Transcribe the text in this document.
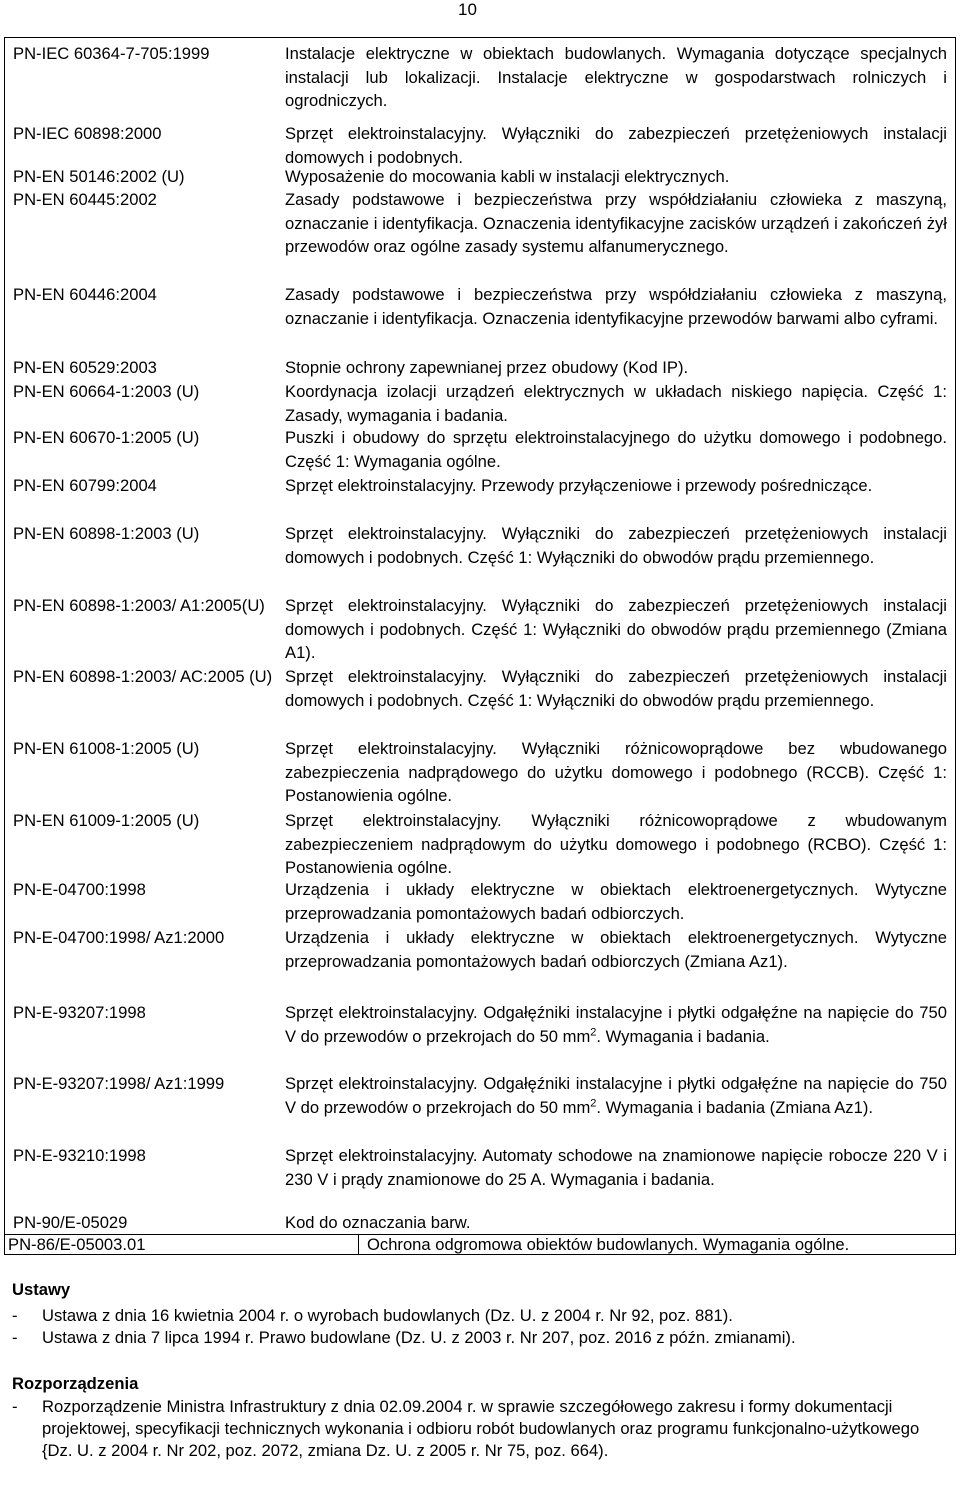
10
PN-IEC 60364-7-705:1999	Instalacje elektryczne w obiektach budowlanych. Wymagania dotyczące specjalnych instalacji lub lokalizacji. Instalacje elektryczne w gospodarstwach rolniczych i ogrodniczych.
PN-IEC 60898:2000	Sprzęt elektroinstalacyjny. Wyłączniki do zabezpieczeń przetężeniowych instalacji domowych i podobnych.
PN-EN 50146:2002 (U)	Wyposażenie do mocowania kabli w instalacji elektrycznych.
PN-EN 60445:2002	Zasady podstawowe i bezpieczeństwa przy współdziałaniu człowieka z maszyną, oznaczanie i identyfikacja. Oznaczenia identyfikacyjne zacisków urządzeń i zakończeń żył przewodów oraz ogólne zasady systemu alfanumerycznego.
PN-EN 60446:2004	Zasady podstawowe i bezpieczeństwa przy współdziałaniu człowieka z maszyną, oznaczanie i identyfikacja. Oznaczenia identyfikacyjne przewodów barwami albo cyframi.
PN-EN 60529:2003	Stopnie ochrony zapewnianej przez obudowy (Kod IP).
PN-EN 60664-1:2003 (U)	Koordynacja izolacji urządzeń elektrycznych w układach niskiego napięcia. Część 1: Zasady, wymagania i badania.
PN-EN 60670-1:2005 (U)	Puszki i obudowy do sprzętu elektroinstalacyjnego do użytku domowego i podobnego. Część 1: Wymagania ogólne.
PN-EN 60799:2004	Sprzęt elektroinstalacyjny. Przewody przyłączeniowe i przewody pośredniczące.
PN-EN 60898-1:2003 (U)	Sprzęt elektroinstalacyjny. Wyłączniki do zabezpieczeń przetężeniowych instalacji domowych i podobnych. Część 1: Wyłączniki do obwodów prądu przemiennego.
PN-EN 60898-1:2003/ A1:2005(U)	Sprzęt elektroinstalacyjny. Wyłączniki do zabezpieczeń przetężeniowych instalacji domowych i podobnych. Część 1: Wyłączniki do obwodów prądu przemiennego (Zmiana A1).
PN-EN 60898-1:2003/ AC:2005 (U) Sprzęt elektroinstalacyjny. Wyłączniki do zabezpieczeń przetężeniowych instalacji domowych i podobnych. Część 1: Wyłączniki do obwodów prądu przemiennego.
PN-EN 61008-1:2005 (U)	Sprzęt elektroinstalacyjny. Wyłączniki różnicowoprądowe bez wbudowanego zabezpieczenia nadprądowego do użytku domowego i podobnego (RCCB). Część 1: Postanowienia ogólne.
PN-EN 61009-1:2005 (U)	Sprzęt elektroinstalacyjny. Wyłączniki różnicowoprądowe z wbudowanym zabezpieczeniem nadprądowym do użytku domowego i podobnego (RCBO). Część 1: Postanowienia ogólne.
PN-E-04700:1998	Urządzenia i układy elektryczne w obiektach elektroenergetycznych. Wytyczne przeprowadzania pomontażowych badań odbiorczych.
PN-E-04700:1998/ Az1:2000	Urządzenia i układy elektryczne w obiektach elektroenergetycznych. Wytyczne przeprowadzania pomontażowych badań odbiorczych (Zmiana Az1).
PN-E-93207:1998	Sprzęt elektroinstalacyjny. Odgałęźniki instalacyjne i płytki odgałęźne na napięcie do 750 V do przewodów o przekrojach do 50 $mm^2$. Wymagania i badania.
PN-E-93207:1998/ Az1:1999	Sprzęt elektroinstalacyjny. Odgałęźniki instalacyjne i płytki odgałęźne na napięcie do 750 V do przewodów o przekrojach do 50 $mm^2$. Wymagania i badania (Zmiana Az1).
PN-E-93210:1998	Sprzęt elektroinstalacyjny. Automaty schodowe na znamionowe napięcie robocze 220 V i 230 V i prądy znamionowe do 25 A. Wymagania i badania.
PN-90/E-05029	Kod do oznaczania barw.
PN-86/E-05003.01	Ochrona odgromowa obiektów budowlanych. Wymagania ogólne.
Ustawy
-	Ustawa z dnia 16 kwietnia 2004 r. o wyrobach budowlanych (Dz. U. z 2004 r. Nr 92, poz. 881).
-	Ustawa z dnia 7 lipca 1994 r. Prawo budowlane (Dz. U. z 2003 r. Nr 207, poz. 2016 z późn. zmianami).
Rozporządzenia
-	Rozporządzenie Ministra Infrastruktury z dnia 02.09.2004 r. w sprawie szczegółowego zakresu i formy dokumentacji projektowej, specyfikacji technicznych wykonania i odbioru robót budowlanych oraz programu funkcjonalno-użytkowego {Dz. U. z 2004 r. Nr 202, poz. 2072, zmiana Dz. U. z 2005 r. Nr 75, poz. 664).
